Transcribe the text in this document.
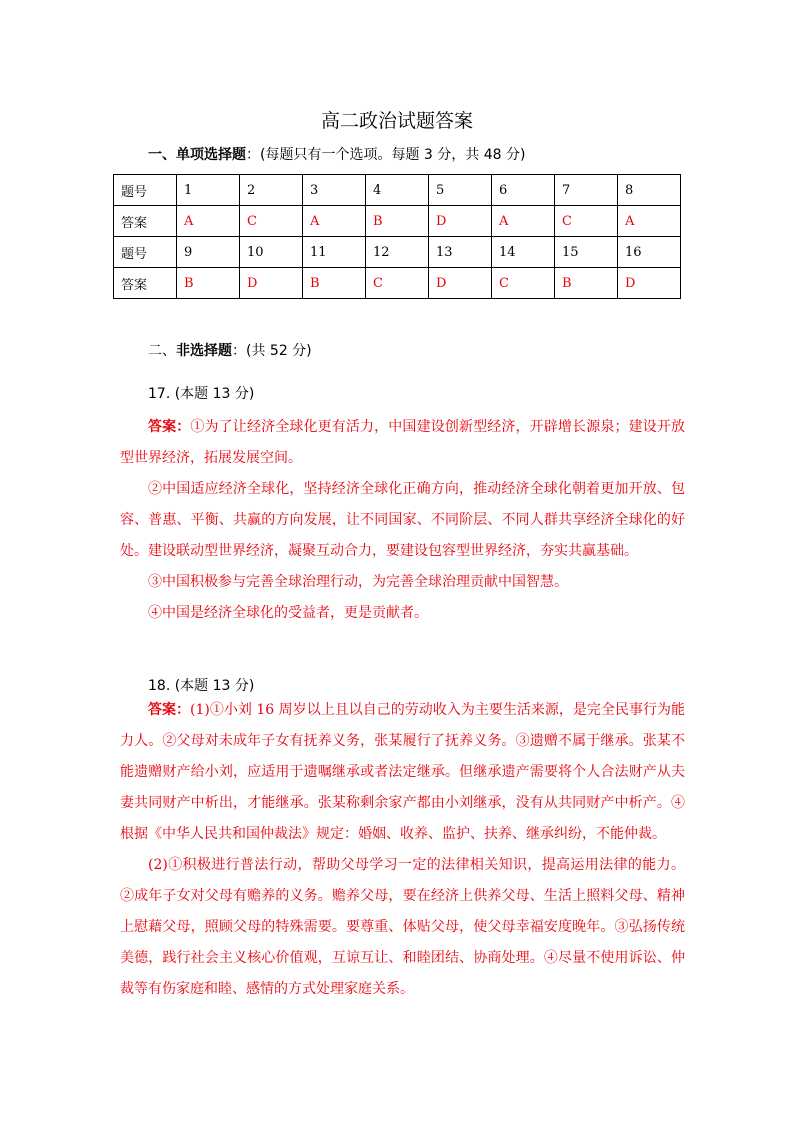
高二政治试题答案
一、单项选择题：(每题只有一个选项。每题 3 分，共 48 分)
题号	1	2	3	4	5	6	7	8
答案	A	C	A	B	D	A	C	A
题号	9	10	11	12	13	14	15	16
答案	B	D	B	C	D	C	B	D
二、非选择题：(共 52 分)
17. (本题 13 分)

答案：①为了让经济全球化更有活力，中国建设创新型经济，开辟增长源泉；建设开放型世界经济，拓展发展空间。

②中国适应经济全球化，坚持经济全球化正确方向，推动经济全球化朝着更加开放、包容、普惠、平衡、共赢的方向发展，让不同国家、不同阶层、不同人群共享经济全球化的好处。建设联动型世界经济，凝聚互动合力，要建设包容型世界经济，夯实共赢基础。

③中国积极参与完善全球治理行动，为完善全球治理贡献中国智慧。

④中国是经济全球化的受益者，更是贡献者。

18. (本题 13 分)

答案：(1)①小刘 16 周岁以上且以自己的劳动收入为主要生活来源，是完全民事行为能力人。②父母对未成年子女有抚养义务，张某履行了抚养义务。③遗赠不属于继承。张某不能遗赠财产给小刘，应适用于遗嘱继承或者法定继承。但继承遗产需要将个人合法财产从夫妻共同财产中析出，才能继承。张某称剩余家产都由小刘继承，没有从共同财产中析产。④根据《中华人民共和国仲裁法》规定：婚姻、收养、监护、扶养、继承纠纷，不能仲裁。

(2)①积极进行普法行动，帮助父母学习一定的法律相关知识，提高运用法律的能力。②成年子女对父母有赡养的义务。赡养父母，要在经济上供养父母、生活上照料父母、精神上慰藉父母，照顾父母的特殊需要。要尊重、体贴父母，使父母幸福安度晚年。③弘扬传统美德，践行社会主义核心价值观，互谅互让、和睦团结、协商处理。④尽量不使用诉讼、仲裁等有伤家庭和睦、感情的方式处理家庭关系。
